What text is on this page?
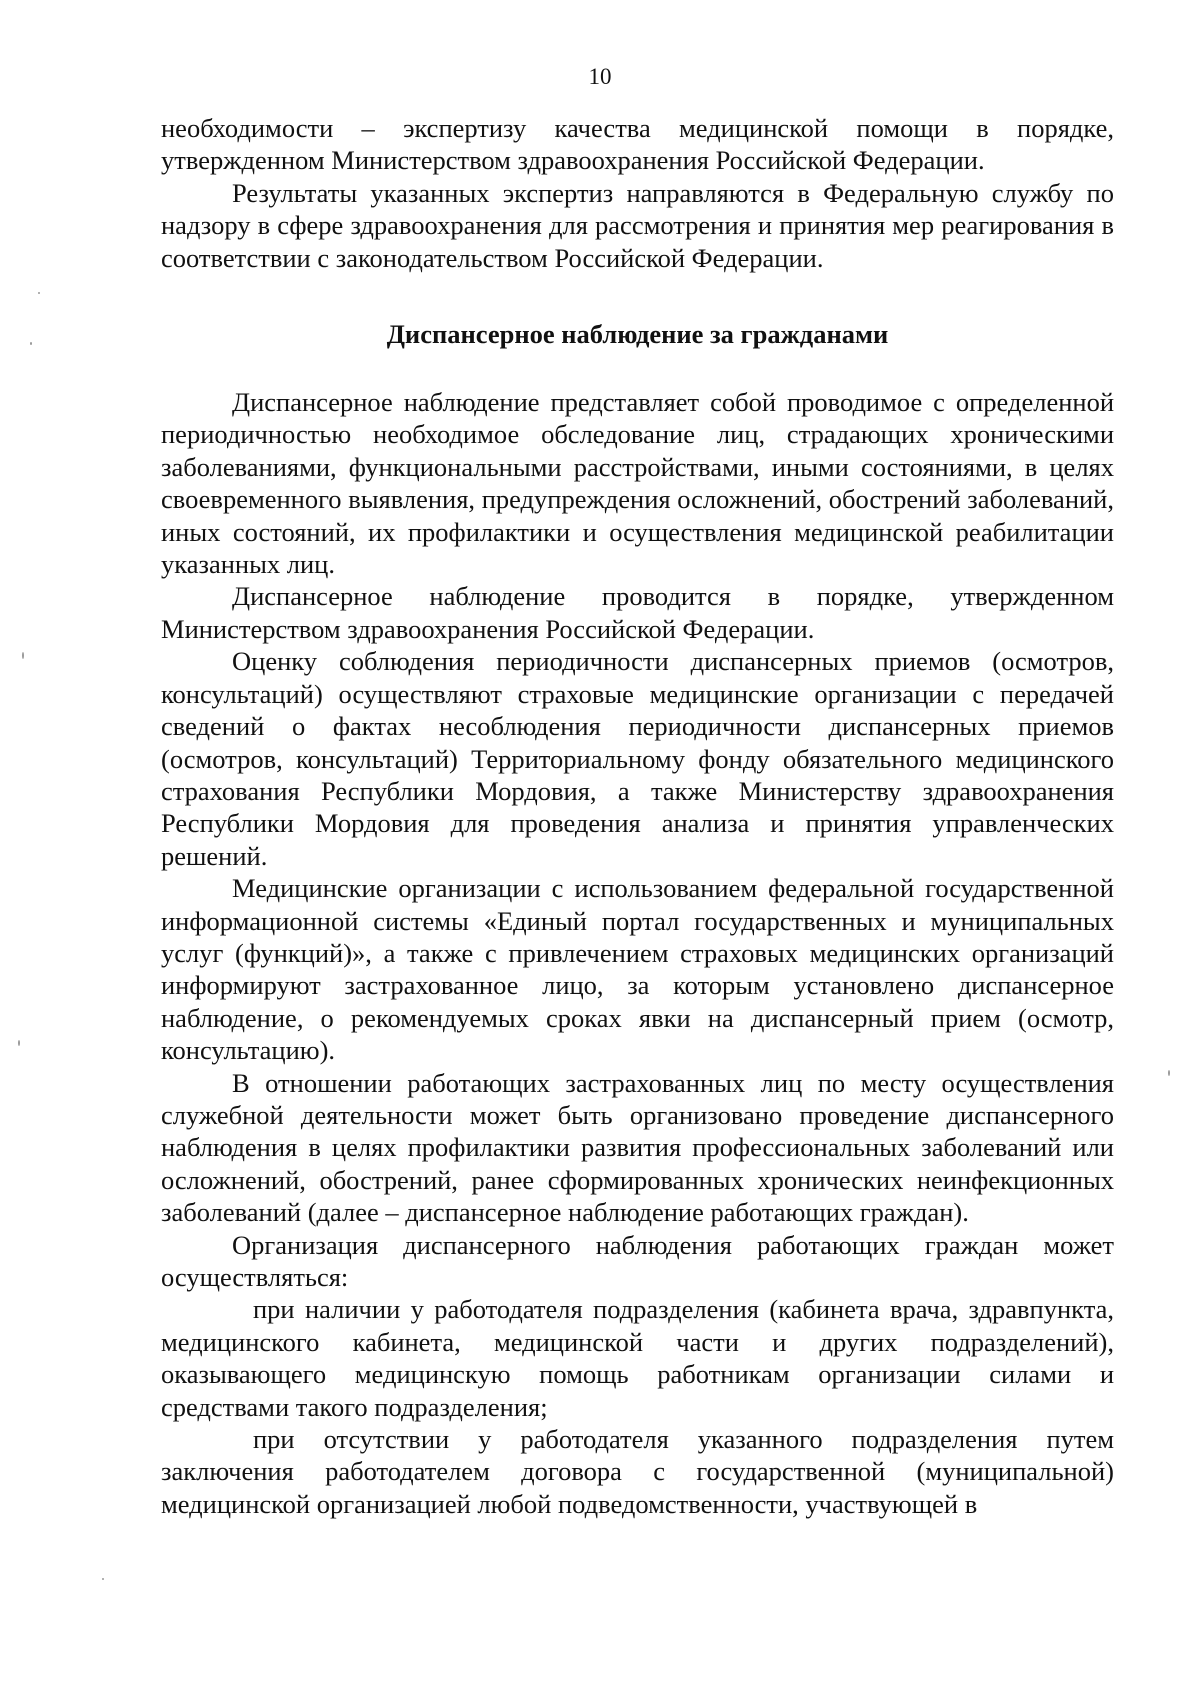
10

необходимости – экспертизу качества медицинской помощи в порядке, утвержденном Министерством здравоохранения Российской Федерации.

Результаты указанных экспертиз направляются в Федеральную службу по надзору в сфере здравоохранения для рассмотрения и принятия мер реагирования в соответствии с законодательством Российской Федерации.

Диспансерное наблюдение за гражданами

Диспансерное наблюдение представляет собой проводимое с определенной периодичностью необходимое обследование лиц, страдающих хроническими заболеваниями, функциональными расстройствами, иными состояниями, в целях своевременного выявления, предупреждения осложнений, обострений заболеваний, иных состояний, их профилактики и осуществления медицинской реабилитации указанных лиц.

Диспансерное наблюдение проводится в порядке, утвержденном Министерством здравоохранения Российской Федерации.

Оценку соблюдения периодичности диспансерных приемов (осмотров, консультаций) осуществляют страховые медицинские организации с передачей сведений о фактах несоблюдения периодичности диспансерных приемов (осмотров, консультаций) Территориальному фонду обязательного медицинского страхования Республики Мордовия, а также Министерству здравоохранения Республики Мордовия для проведения анализа и принятия управленческих решений.

Медицинские организации с использованием федеральной государственной информационной системы «Единый портал государственных и муниципальных услуг (функций)», а также с привлечением страховых медицинских организаций информируют застрахованное лицо, за которым установлено диспансерное наблюдение, о рекомендуемых сроках явки на диспансерный прием (осмотр, консультацию).

В отношении работающих застрахованных лиц по месту осуществления служебной деятельности может быть организовано проведение диспансерного наблюдения в целях профилактики развития профессиональных заболеваний или осложнений, обострений, ранее сформированных хронических неинфекционных заболеваний (далее – диспансерное наблюдение работающих граждан).

Организация диспансерного наблюдения работающих граждан может осуществляться:

при наличии у работодателя подразделения (кабинета врача, здравпункта, медицинского кабинета, медицинской части и других подразделений), оказывающего медицинскую помощь работникам организации силами и средствами такого подразделения;

при отсутствии у работодателя указанного подразделения путем заключения работодателем договора с государственной (муниципальной) медицинской организацией любой подведомственности, участвующей в
